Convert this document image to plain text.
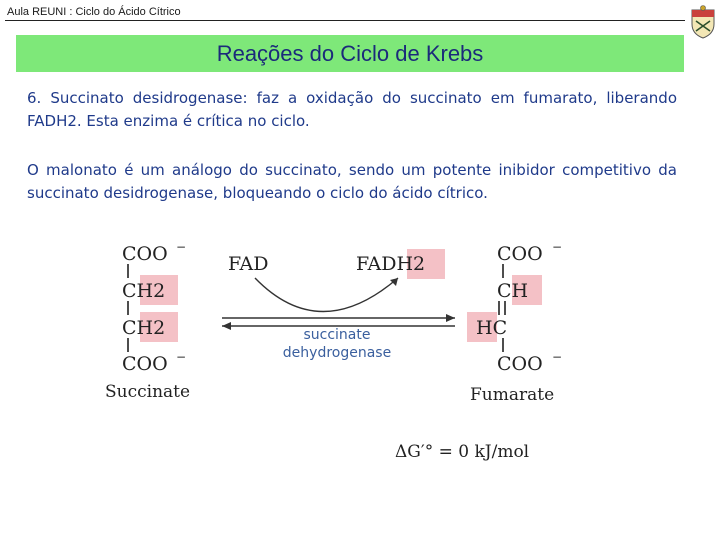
Aula REUNI : Ciclo do Ácido Cítrico
Reações do Ciclo de Krebs
6. Succinato desidrogenase: faz a oxidação do succinato em fumarato, liberando FADH2. Esta enzima é crítica no ciclo.
O malonato é um análogo do succinato, sendo um potente inibidor competitivo da succinato desidrogenase, bloqueando o ciclo do ácido cítrico.
COO −
CH2
CH2
COO −
Succinate
FAD	FADH2
succinate
dehydrogenase
COO −
CH
HC
COO −
Fumarate
ΔG′° = 0 kJ/mol
